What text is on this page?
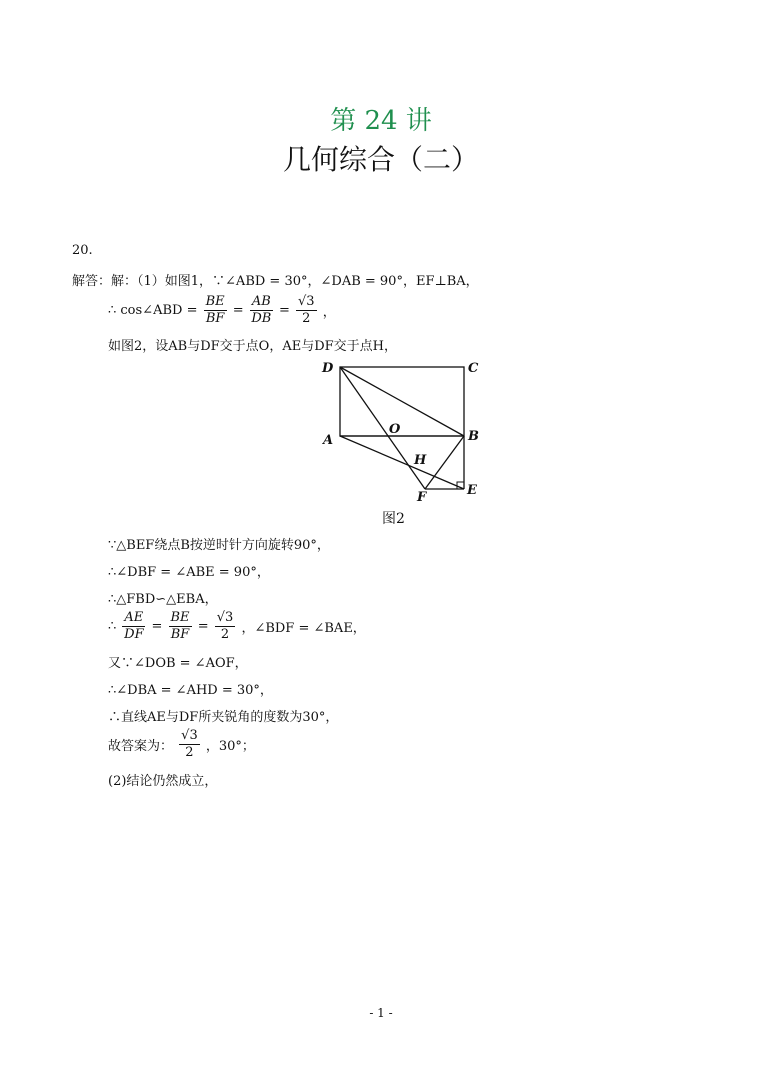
第 24 讲
几何综合（二）
20.
解答：解：（1）如图1，∵∠ABD = 30°，∠DAB = 90°，EF⊥BA，
∴ cos∠ABD = $\frac{BE}{BF} = \frac{AB}{DB} = \frac{√3}{2}$ ，
如图2，设AB与DF交于点O，AE与DF交于点H，
D	C
A	B
O
H
F	E
图2
∵△BEF绕点B按逆时针方向旋转90°，
∴∠DBF = ∠ABE = 90°，
∴△FBD∽△EBA，
∴ $\frac{AE}{DF} = \frac{BE}{BF} = \frac{√3}{2}$ ，∠BDF = ∠BAE，
又∵∠DOB = ∠AOF，
∴∠DBA = ∠AHD = 30°，
∴直线AE与DF所夹锐角的度数为30°，
故答案为： $\frac{√3}{2}$ ，30°；
(2)结论仍然成立，
- 1 -
